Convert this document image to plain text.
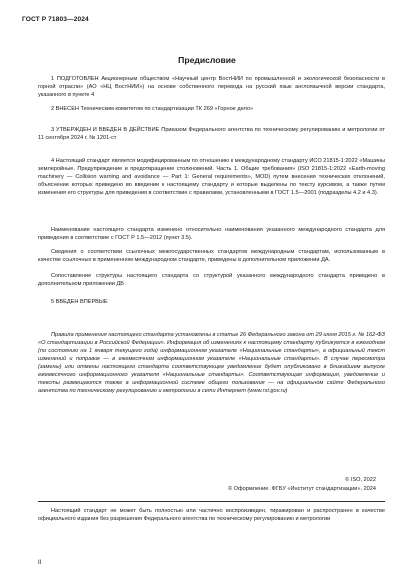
ГОСТ Р 71803—2024
Предисловие
1 ПОДГОТОВЛЕН Акционерным обществом «Научный центр ВостНИИ по промышленной и экологической безопасности в горной отрасли» (АО «НЦ ВостНИИ») на основе собственного перевода на русский язык англоязычной версии стандарта, указанного в пункте 4
2 ВНЕСЕН Техническим комитетом по стандартизации ТК 269 «Горное дело»
3 УТВЕРЖДЕН И ВВЕДЕН В ДЕЙСТВИЕ Приказом Федерального агентства по техническому регулированию и метрологии от 11 сентября 2024 г. № 1201-ст
4 Настоящий стандарт является модифицированным по отношению к международному стандарту ИСО 21815-1:2022 «Машины землеройные. Предупреждение и предотвращение столкновений. Часть 1. Общие требования» (ISO 21815-1:2022 «Earth-moving machinery — Collision warning and avoidance — Part 1: General requirements», MOD) путем внесения технических отклонений, объяснение которых приведено во введении к настоящему стандарту и которые выделены по тексту курсивом, а также путем изменения его структуры для приведения в соответствие с правилами, установленными в ГОСТ 1.5—2001 (подразделы 4.2 и 4.3).
Наименование настоящего стандарта изменено относительно наименования указанного международного стандарта для приведения в соответствие с ГОСТ Р 1.5—2012 (пункт 3.5).
Сведения о соответствии ссылочных межгосударственных стандартов международным стандартам, использованным в качестве ссылочных в примененном международном стандарте, приведены в дополнительном приложении ДА.
Сопоставление структуры настоящего стандарта со структурой указанного международного стандарта приведено в дополнительном приложении ДБ
5 ВВЕДЕН ВПЕРВЫЕ
Правила применения настоящего стандарта установлены в статье 26 Федерального закона от 29 июня 2015 г. № 162-ФЗ «О стандартизации в Российской Федерации». Информация об изменениях к настоящему стандарту публикуется в ежегодном (по состоянию на 1 января текущего года) информационном указателе «Национальные стандарты», а официальный текст изменений и поправок — в ежемесячном информационном указателе «Национальные стандарты». В случае пересмотра (замены) или отмены настоящего стандарта соответствующее уведомление будет опубликовано в ближайшем выпуске ежемесячного информационного указателя «Национальные стандарты». Соответствующая информация, уведомление и тексты размещаются также в информационной системе общего пользования — на официальном сайте Федерального агентства по техническому регулированию и метрологии в сети Интернет (www.rst.gov.ru)
© ISO, 2022
© Оформление. ФГБУ «Институт стандартизации», 2024
Настоящий стандарт не может быть полностью или частично воспроизведен, тиражирован и распространен в качестве официального издания без разрешения Федерального агентства по техническому регулированию и метрологии
II
